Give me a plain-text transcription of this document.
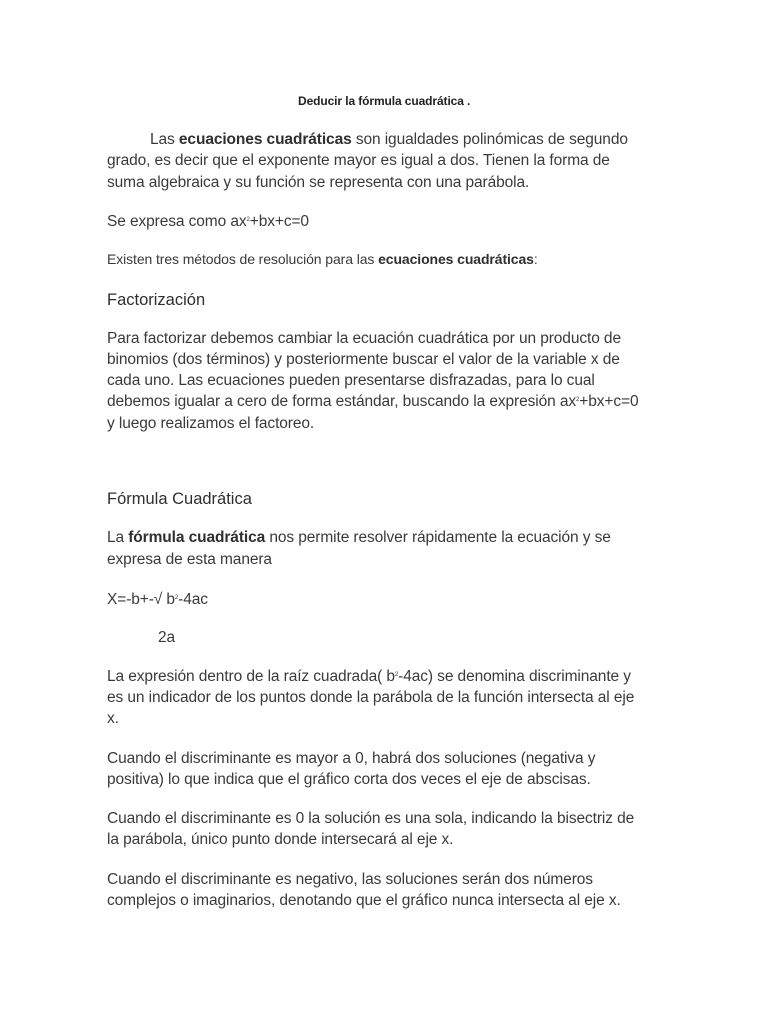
Deducir la fórmula cuadrática .

Las ecuaciones cuadráticas son igualdades polinómicas de segundo

grado, es decir que el exponente mayor es igual a dos. Tienen la forma de

suma algebraica y su función se representa con una parábola.

Se expresa como $ax^2+bx+c=0$

Existen tres métodos de resolución para las ecuaciones cuadráticas:

Factorización

Para factorizar debemos cambiar la ecuación cuadrática por un producto de

binomios (dos términos) y posteriormente buscar el valor de la variable x de

cada uno. Las ecuaciones pueden presentarse disfrazadas, para lo cual

debemos igualar a cero de forma estándar, buscando la expresión $ax^2+bx+c=0$

y luego realizamos el factoreo.

Fórmula Cuadrática

La fórmula cuadrática nos permite resolver rápidamente la ecuación y se

expresa de esta manera

X=-b+-√ $b^2-4ac$

2a

La expresión dentro de la raíz cuadrada( $b^2-4ac$) se denomina discriminante y

es un indicador de los puntos donde la parábola de la función intersecta al eje

x.

Cuando el discriminante es mayor a 0, habrá dos soluciones (negativa y

positiva) lo que indica que el gráfico corta dos veces el eje de abscisas.

Cuando el discriminante es 0 la solución es una sola, indicando la bisectriz de

la parábola, único punto donde intersecará al eje x.

Cuando el discriminante es negativo, las soluciones serán dos números

complejos o imaginarios, denotando que el gráfico nunca intersecta al eje x.
